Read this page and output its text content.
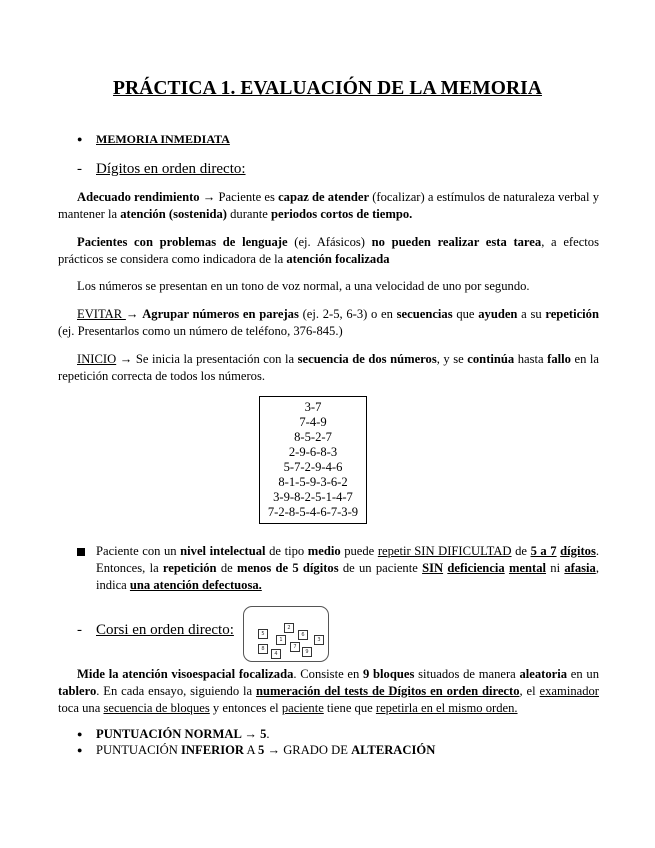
PRÁCTICA 1. EVALUACIÓN DE LA MEMORIA
● MEMORIA INMEDIATA
- Dígitos en orden directo:
Adecuado rendimiento → Paciente es capaz de atender (focalizar) a estímulos de naturaleza verbal y mantener la atención (sostenida) durante periodos cortos de tiempo.
Pacientes con problemas de lenguaje (ej. Afásicos) no pueden realizar esta tarea, a efectos prácticos se considera como indicadora de la atención focalizada
Los números se presentan en un tono de voz normal, a una velocidad de uno por segundo.
EVITAR → Agrupar números en parejas (ej. 2-5, 6-3) o en secuencias que ayuden a su repetición (ej. Presentarlos como un número de teléfono, 376-845.)
INICIO → Se inicia la presentación con la secuencia de dos números, y se continúa hasta fallo en la repetición correcta de todos los números.
3-7
7-4-9
8-5-2-7
2-9-6-8-3
5-7-2-9-4-6
8-1-5-9-3-6-2
3-9-8-2-5-1-4-7
7-2-8-5-4-6-7-3-9
Paciente con un nivel intelectual de tipo medio puede repetir SIN DIFICULTAD de 5 a 7 dígitos. Entonces, la repetición de menos de 5 dígitos de un paciente SIN deficiencia mental ni afasia, indica una atención defectuosa.
- Corsi en orden directo:	5
2
6
1	3
8	7
4	9
Mide la atención visoespacial focalizada. Consiste en 9 bloques situados de manera aleatoria en un tablero. En cada ensayo, siguiendo la numeración del tests de Dígitos en orden directo, el examinador toca una secuencia de bloques y entonces el paciente tiene que repetirla en el mismo orden.
● PUNTUACIÓN NORMAL → 5.
● PUNTUACIÓN INFERIOR A 5 → GRADO DE ALTERACIÓN
